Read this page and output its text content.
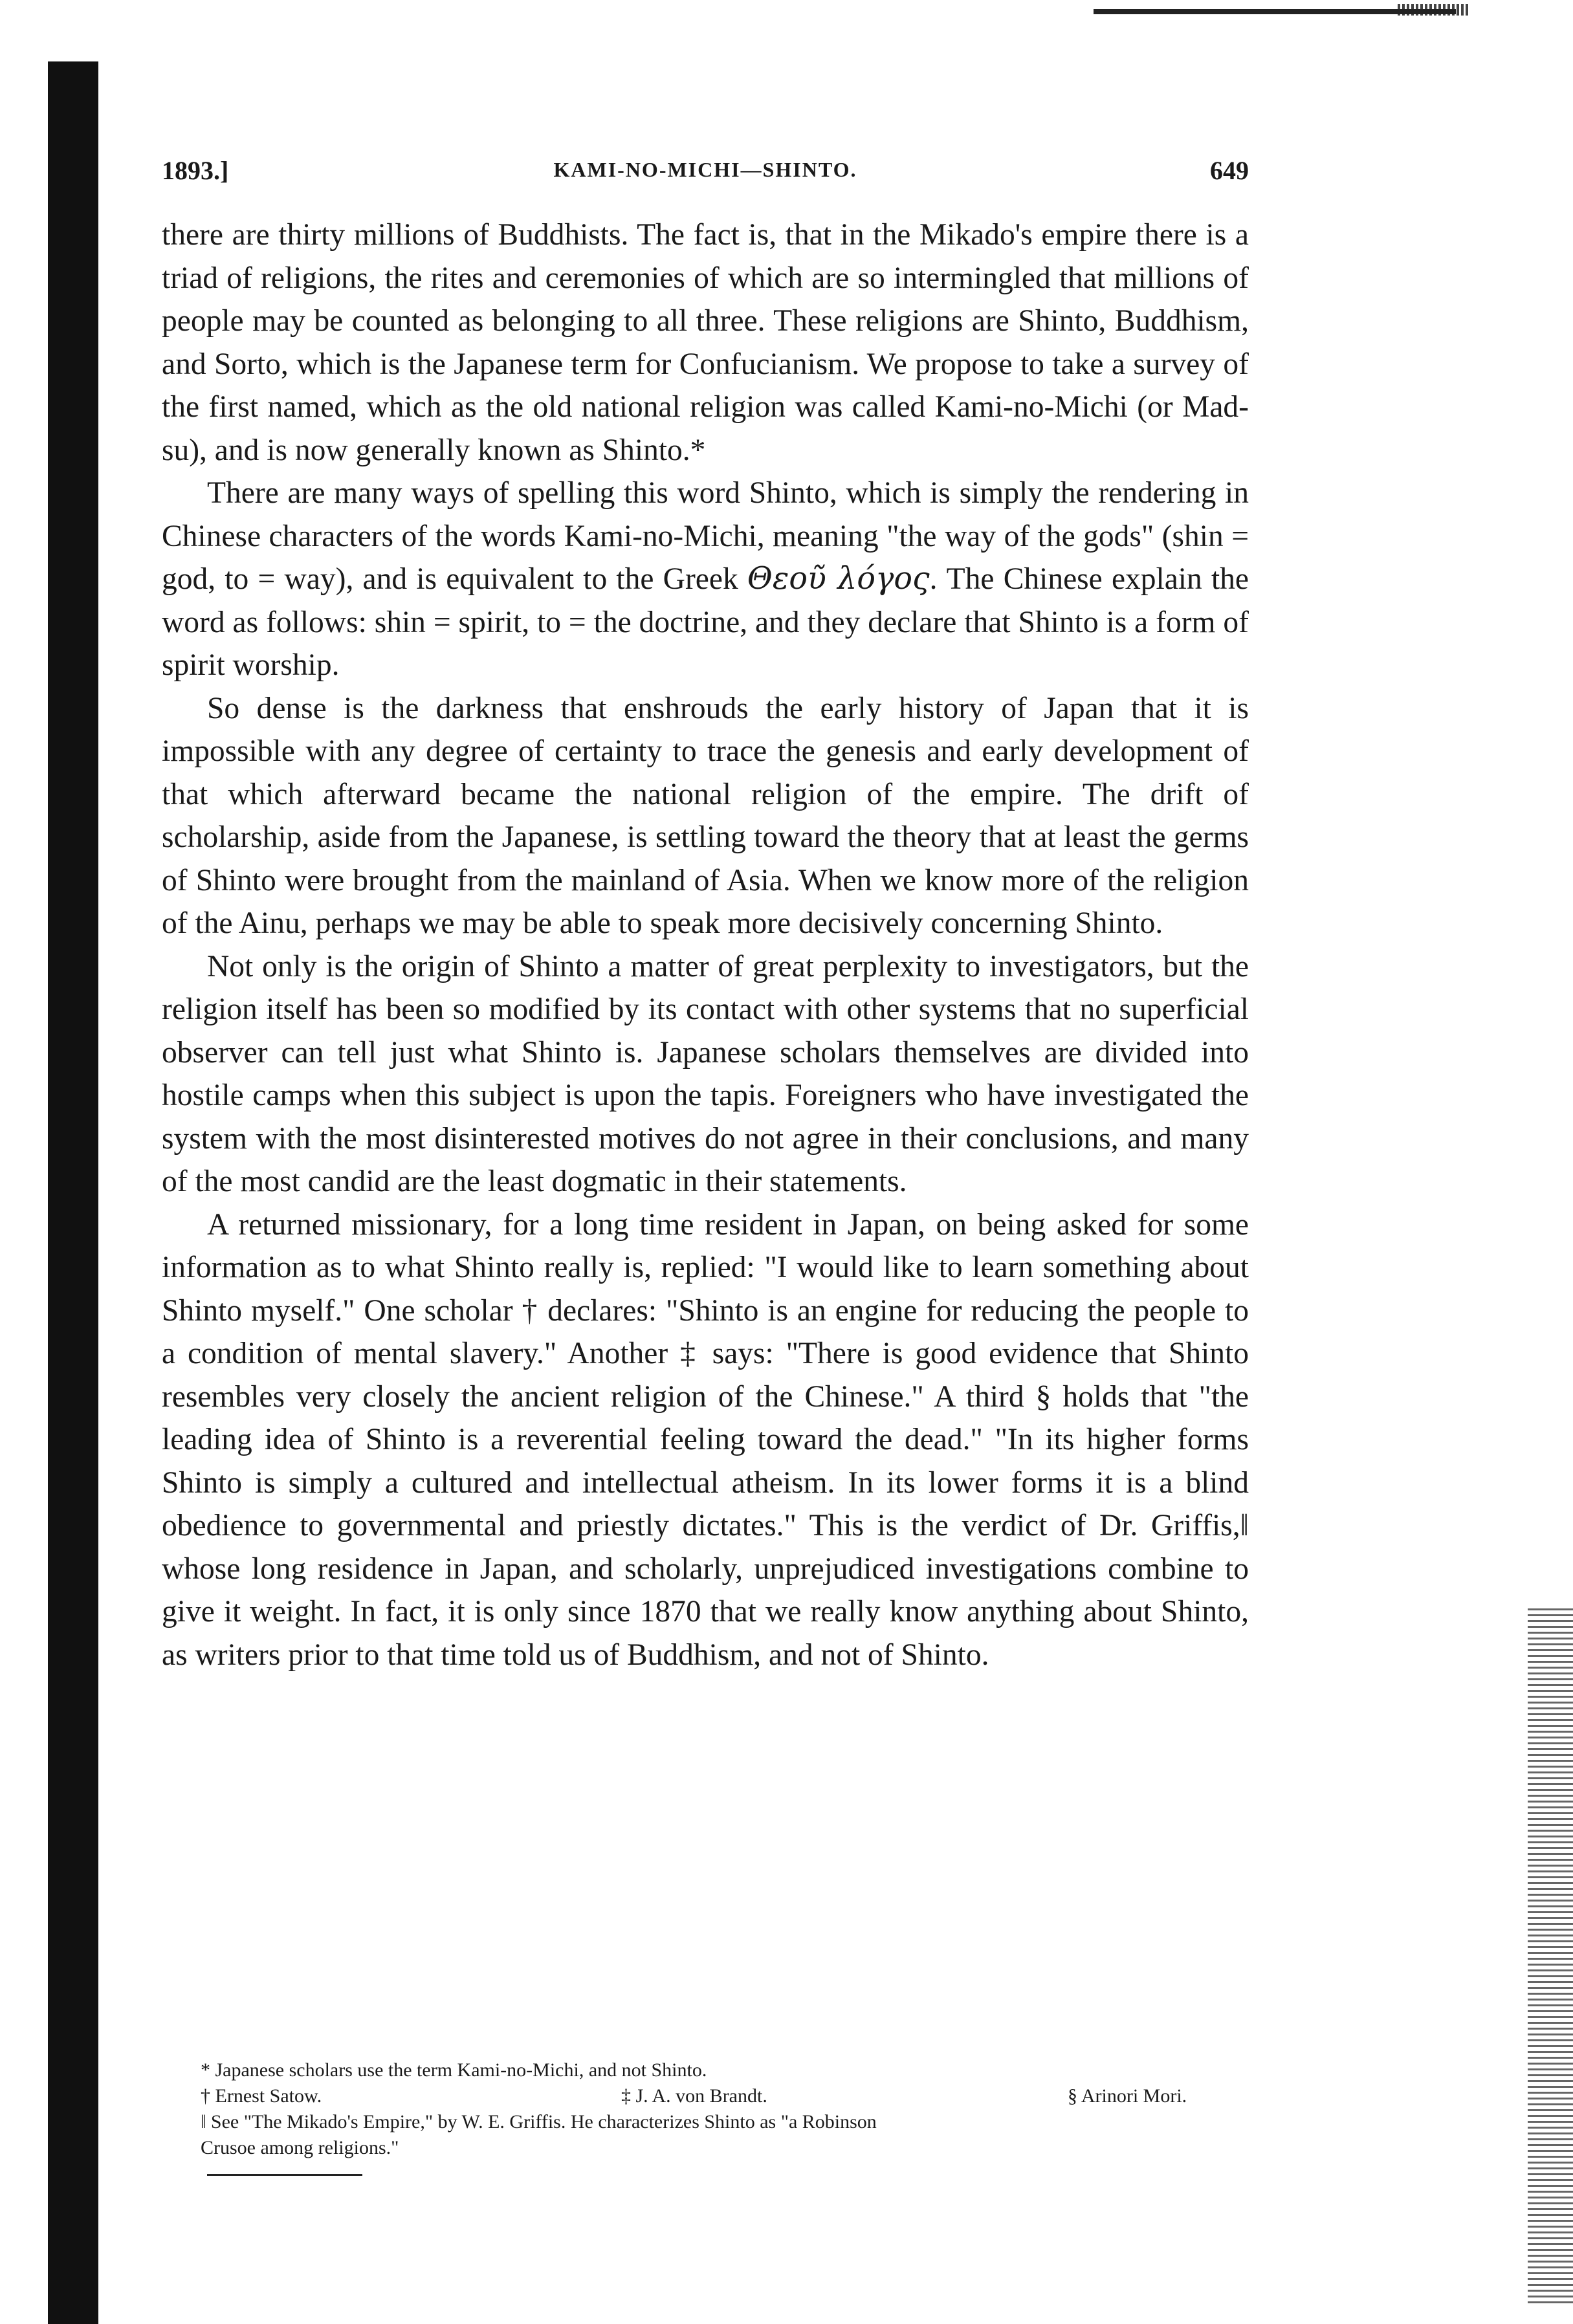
1893.]	KAMI-NO-MICHI—SHINTO.	649

there are thirty millions of Buddhists. The fact is, that in the Mikado's empire there is a triad of religions, the rites and ceremonies of which are so intermingled that millions of people may be counted as belonging to all three. These religions are Shinto, Buddhism, and Sorto, which is the Japanese term for Confucianism. We propose to take a survey of the first named, which as the old national religion was called Kami-no-Michi (or Mad-su), and is now generally known as Shinto.*

There are many ways of spelling this word Shinto, which is simply the rendering in Chinese characters of the words Kami-no-Michi, meaning "the way of the gods" (shin = god, to = way), and is equivalent to the Greek Θεοῦ λόγος. The Chinese explain the word as follows: shin = spirit, to = the doctrine, and they declare that Shinto is a form of spirit worship.

So dense is the darkness that enshrouds the early history of Japan that it is impossible with any degree of certainty to trace the genesis and early development of that which afterward became the national religion of the empire. The drift of scholarship, aside from the Japanese, is settling toward the theory that at least the germs of Shinto were brought from the mainland of Asia. When we know more of the religion of the Ainu, perhaps we may be able to speak more decisively concerning Shinto.

Not only is the origin of Shinto a matter of great perplexity to investigators, but the religion itself has been so modified by its contact with other systems that no superficial observer can tell just what Shinto is. Japanese scholars themselves are divided into hostile camps when this subject is upon the tapis. Foreigners who have investigated the system with the most disinterested motives do not agree in their conclusions, and many of the most candid are the least dogmatic in their statements.

A returned missionary, for a long time resident in Japan, on being asked for some information as to what Shinto really is, replied: "I would like to learn something about Shinto myself." One scholar † declares: "Shinto is an engine for reducing the people to a condition of mental slavery." Another ‡ says: "There is good evidence that Shinto resembles very closely the ancient religion of the Chinese." A third § holds that "the leading idea of Shinto is a reverential feeling toward the dead." "In its higher forms Shinto is simply a cultured and intellectual atheism. In its lower forms it is a blind obedience to governmental and priestly dictates." This is the verdict of Dr. Griffis,‖ whose long residence in Japan, and scholarly, unprejudiced investigations combine to give it weight. In fact, it is only since 1870 that we really know anything about Shinto, as writers prior to that time told us of Buddhism, and not of Shinto.

* Japanese scholars use the term Kami-no-Michi, and not Shinto.
† Ernest Satow.	‡ J. A. von Brandt.	§ Arinori Mori.
‖ See "The Mikado's Empire," by W. E. Griffis. He characterizes Shinto as "a Robinson
Crusoe among religions."
